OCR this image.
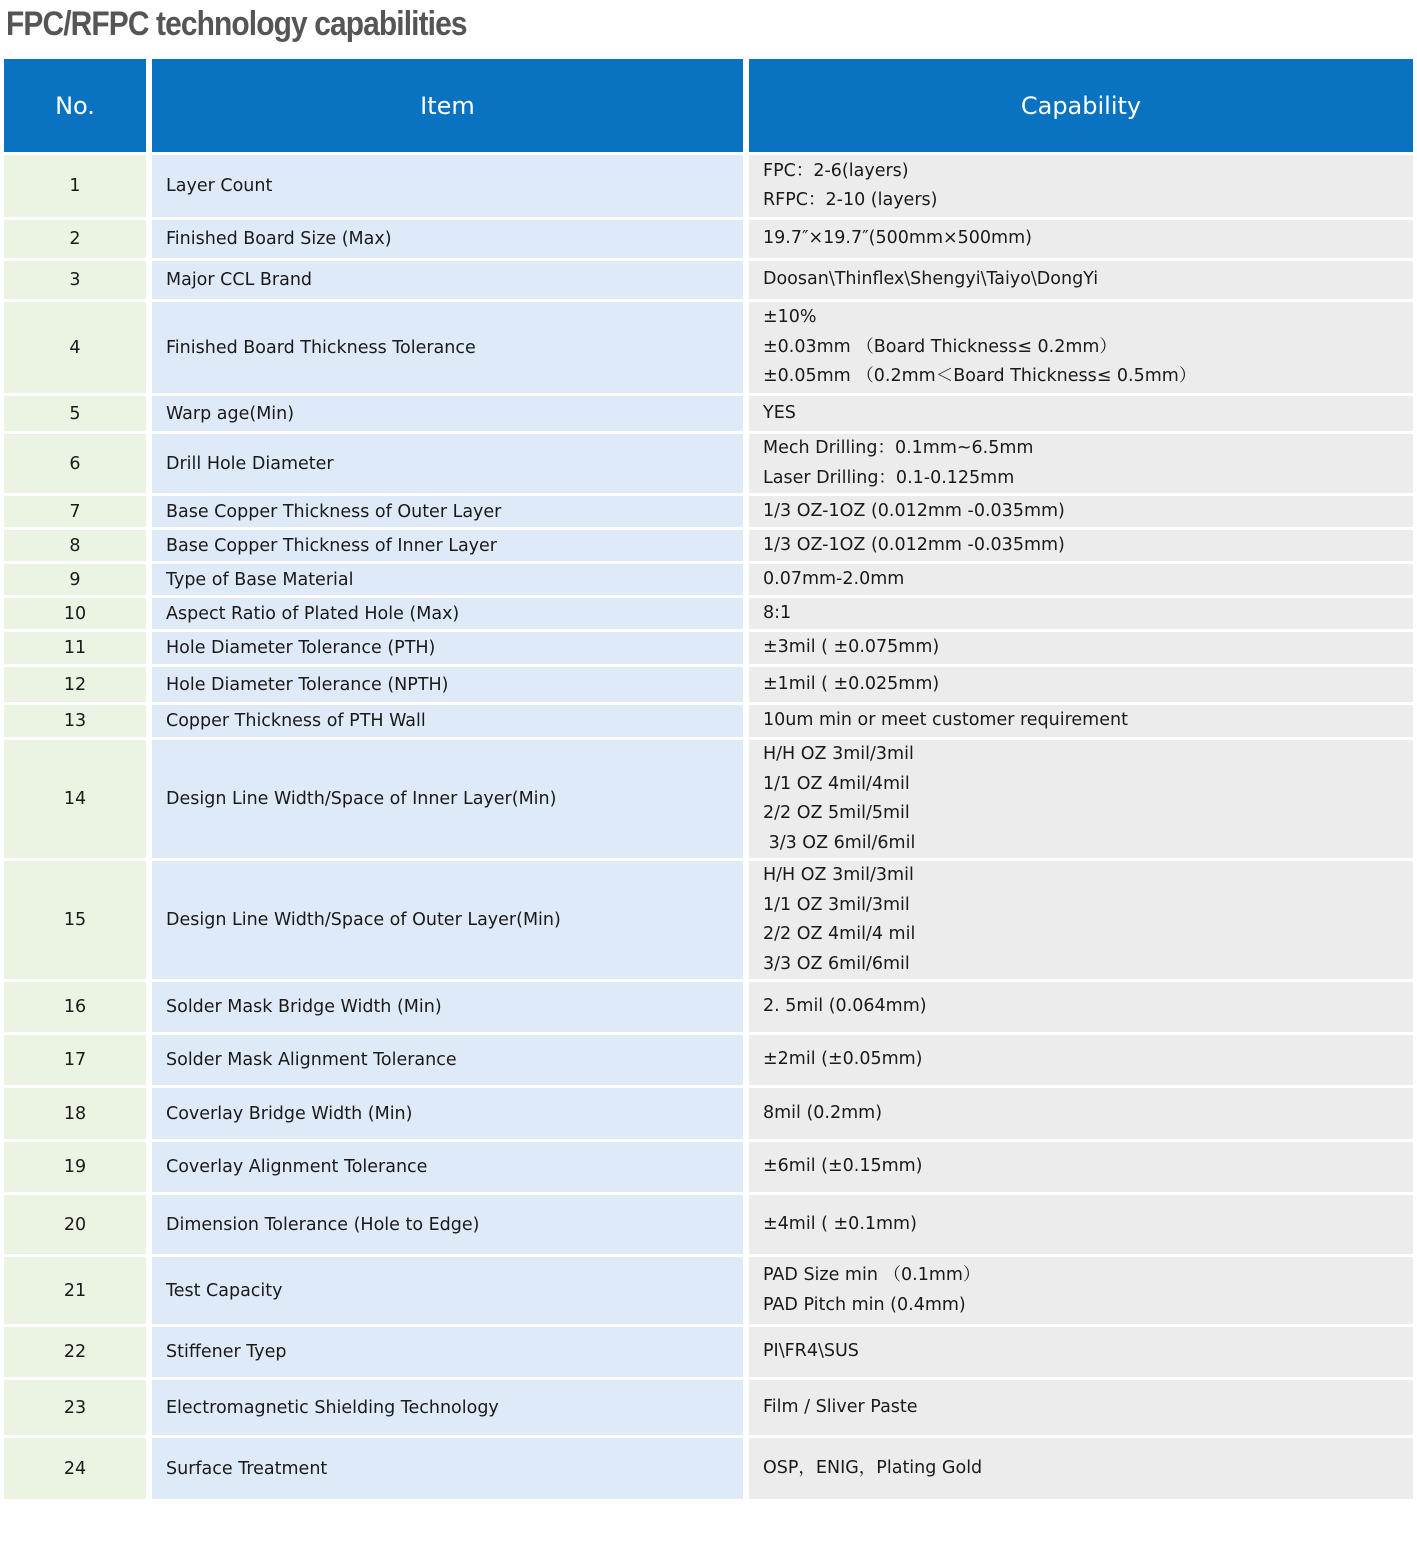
FPC/RFPC technology capabilities
No.	Item	Capability
1	Layer Count
FPC：2-6(layers)
RFPC：2-10 (layers)
2	Finished Board Size (Max)	19.7″×19.7″(500mm×500mm)
3	Major CCL Brand	Doosan\Thinflex\Shengyi\Taiyo\DongYi
4	Finished Board Thickness Tolerance
±10%
±0.03mm （Board Thickness≤ 0.2mm）
±0.05mm （0.2mm＜Board Thickness≤ 0.5mm）
5	Warp age(Min)	YES
6	Drill Hole Diameter
Mech Drilling：0.1mm~6.5mm
Laser Drilling：0.1-0.125mm
7	Base Copper Thickness of Outer Layer	1/3 OZ-1OZ (0.012mm -0.035mm)
8	Base Copper Thickness of Inner Layer	1/3 OZ-1OZ (0.012mm -0.035mm)
9	Type of Base Material	0.07mm-2.0mm
10	Aspect Ratio of Plated Hole (Max)	8:1
11	Hole Diameter Tolerance (PTH)	±3mil ( ±0.075mm)
12	Hole Diameter Tolerance (NPTH)	±1mil ( ±0.025mm)
13	Copper Thickness of PTH Wall	10um min or meet customer requirement
14	Design Line Width/Space of Inner Layer(Min)
H/H OZ 3mil/3mil
1/1 OZ 4mil/4mil
2/2 OZ 5mil/5mil
3/3 OZ 6mil/6mil
15	Design Line Width/Space of Outer Layer(Min)
H/H OZ 3mil/3mil
1/1 OZ 3mil/3mil
2/2 OZ 4mil/4 mil
3/3 OZ 6mil/6mil
16	Solder Mask Bridge Width (Min)	2. 5mil (0.064mm)
17	Solder Mask Alignment Tolerance	±2mil (±0.05mm)
18	Coverlay Bridge Width (Min)	8mil (0.2mm)
19	Coverlay Alignment Tolerance	±6mil (±0.15mm)
20	Dimension Tolerance (Hole to Edge)	±4mil ( ±0.1mm)
21	Test Capacity
PAD Size min （0.1mm）
PAD Pitch min (0.4mm)
22	Stiffener Tyep	PI\FR4\SUS
23	Electromagnetic Shielding Technology	Film / Sliver Paste
24	Surface Treatment	OSP，ENIG，Plating Gold
